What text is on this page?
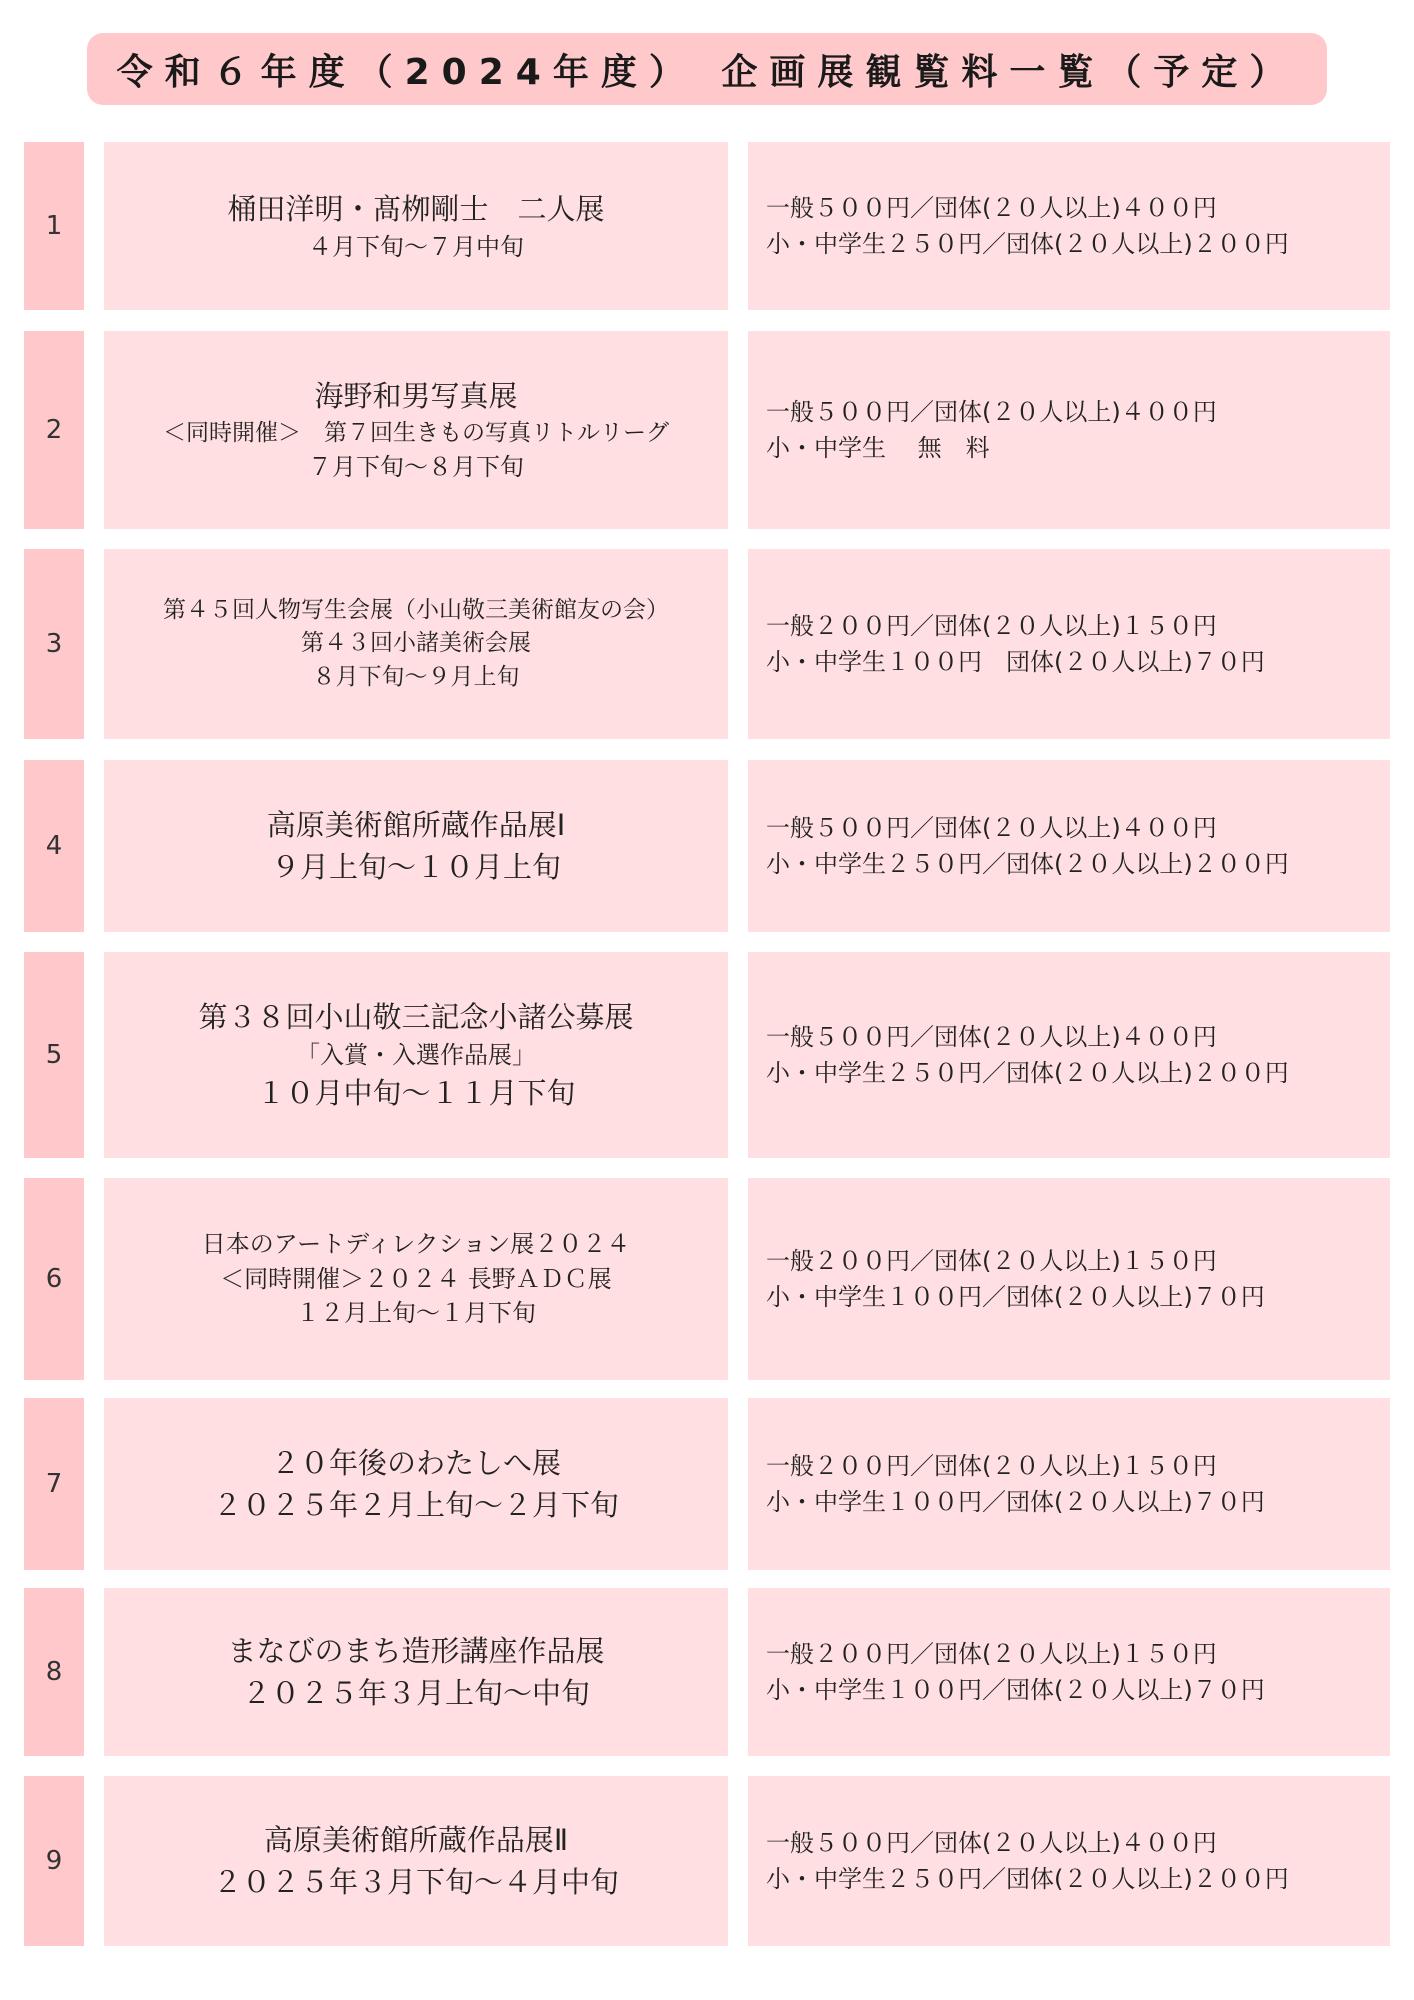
令和６年度（2024年度） 企画展観覧料一覧（予定）
1
桶田洋明・髙栁剛士　二人展
４月下旬～７月中旬
一般５００円／団体(２０人以上)４００円
小・中学生２５０円／団体(２０人以上)２００円
2
海野和男写真展
＜同時開催＞　第７回生きもの写真リトルリーグ
７月下旬～８月下旬
一般５００円／団体(２０人以上)４００円
小・中学生　 無　料
3
第４５回人物写生会展（小山敬三美術館友の会）
第４３回小諸美術会展
８月下旬～９月上旬
一般２００円／団体(２０人以上)１５０円
小・中学生１００円　団体(２０人以上)７０円
4
高原美術館所蔵作品展Ⅰ
９月上旬～１０月上旬
一般５００円／団体(２０人以上)４００円
小・中学生２５０円／団体(２０人以上)２００円
5
第３８回小山敬三記念小諸公募展
「入賞・入選作品展」
１０月中旬～１１月下旬
一般５００円／団体(２０人以上)４００円
小・中学生２５０円／団体(２０人以上)２００円
6
日本のアートディレクション展２０２４
＜同時開催＞２０２４ 長野ＡＤＣ展
１２月上旬～１月下旬
一般２００円／団体(２０人以上)１５０円
小・中学生１００円／団体(２０人以上)７０円
7
２０年後のわたしへ展
２０２５年２月上旬～２月下旬
一般２００円／団体(２０人以上)１５０円
小・中学生１００円／団体(２０人以上)７０円
8
まなびのまち造形講座作品展
２０２５年３月上旬～中旬
一般２００円／団体(２０人以上)１５０円
小・中学生１００円／団体(２０人以上)７０円
9
高原美術館所蔵作品展Ⅱ
２０２５年３月下旬～４月中旬
一般５００円／団体(２０人以上)４００円
小・中学生２５０円／団体(２０人以上)２００円
